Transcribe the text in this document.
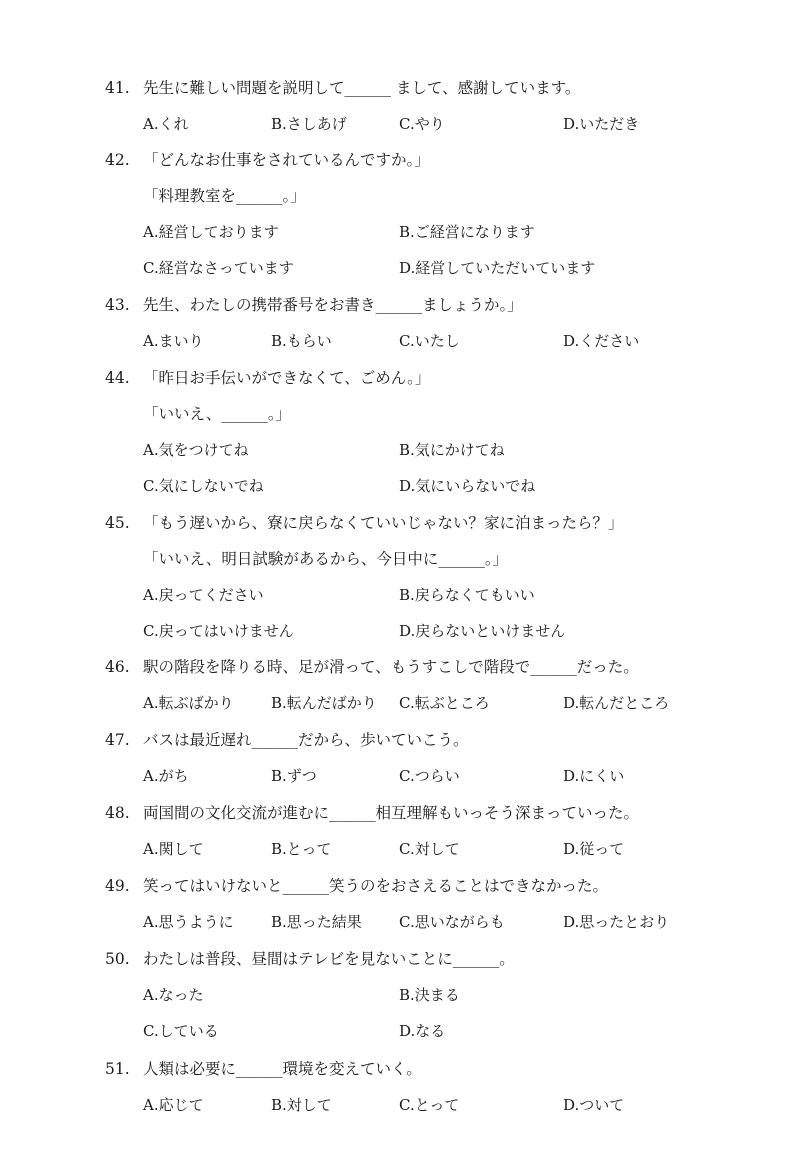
41. 先生に難しい問題を説明して______ まして、感謝しています。
A.くれ	B.さしあげ	C.やり	D.いただき
42. 「どんなお仕事をされているんですか。」
「料理教室を______。」
A.経営しております	B.ご経営になります
C.経営なさっています	D.経営していただいています
43. 先生、わたしの携帯番号をお書き______ましょうか。」
A.まいり	B.もらい	C.いたし	D.ください
44. 「昨日お手伝いができなくて、ごめん。」
「いいえ、______。」
A.気をつけてね	B.気にかけてね
C.気にしないでね	D.気にいらないでね
45. 「もう遅いから、寮に戻らなくていいじゃない？家に泊まったら？」
「いいえ、明日試験があるから、今日中に______。」
A.戻ってください	B.戻らなくてもいい
C.戻ってはいけません	D.戻らないといけません
46. 駅の階段を降りる時、足が滑って、もうすこしで階段で______だった。
A.転ぶばかり B.転んだばかり C.転ぶところ	D.転んだところ
47. バスは最近遅れ______だから、歩いていこう。
A.がち	B.ずつ	C.つらい	D.にくい
48. 両国間の文化交流が進むに______相互理解もいっそう深まっていった。
A.関して	B.とって	C.対して	D.従って
49. 笑ってはいけないと______笑うのをおさえることはできなかった。
A.思うように B.思った結果 C.思いながらも	D.思ったとおり
50. わたしは普段、昼間はテレビを見ないことに______。
A.なった	B.決まる
C.している	D.なる
51. 人類は必要に______環境を変えていく。
A.応じて	B.対して	C.とって	D.ついて
